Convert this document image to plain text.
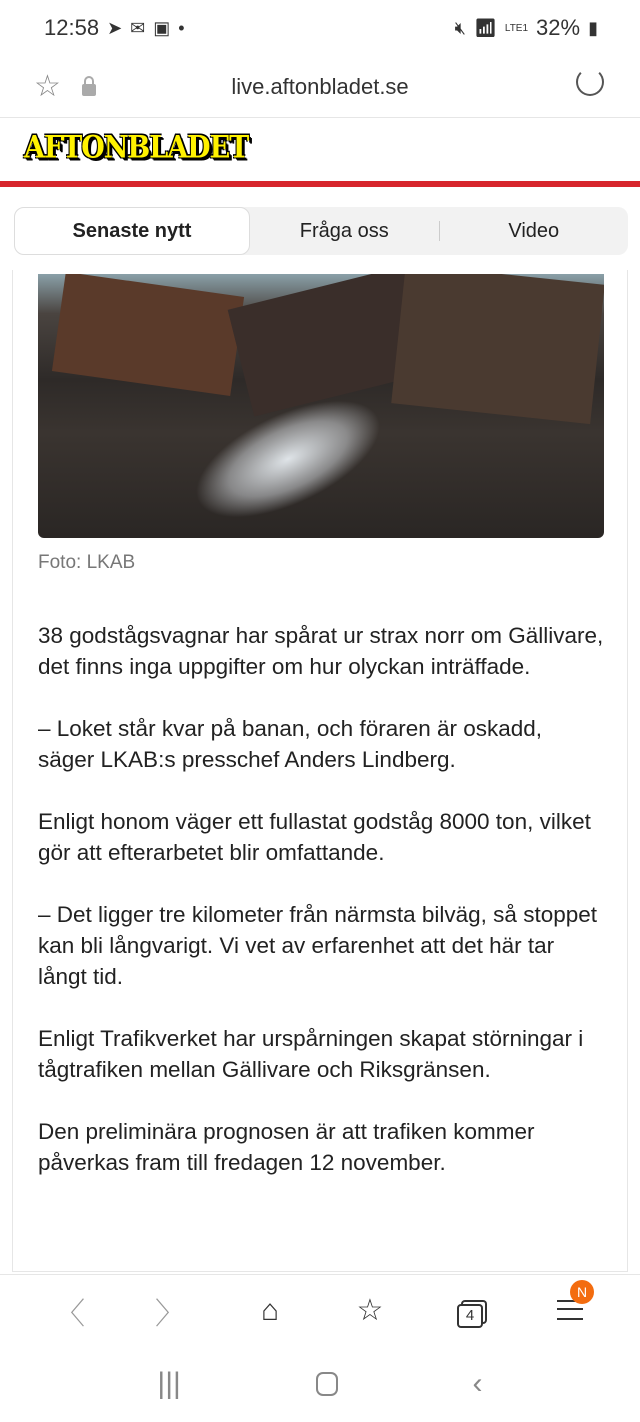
12:58 ➤ ✉ ▣ •	🔇︎ 📶︎ LTE1 32% ▮
☆	live.aftonbladet.se
AFTONBLADET
Senaste nytt	Fråga oss	Video
Foto: LKAB

38 godstågsvagnar har spårat ur strax norr om Gällivare, det finns inga uppgifter om hur olyckan inträffade.

– Loket står kvar på banan, och föraren är oskadd, säger LKAB:s presschef Anders Lindberg.

Enligt honom väger ett fullastat godståg 8000 ton, vilket gör att efterarbetet blir omfattande.

– Det ligger tre kilometer från närmsta bilväg, så stoppet kan bli långvarigt. Vi vet av erfarenhet att det här tar långt tid.

Enligt Trafikverket har urspårningen skapat störningar i tågtrafiken mellan Gällivare och Riksgränsen.

Den preliminära prognosen är att trafiken kommer påverkas fram till fredagen 12 november.

〈	〉	⌂	☆	4
N
|||	‹
